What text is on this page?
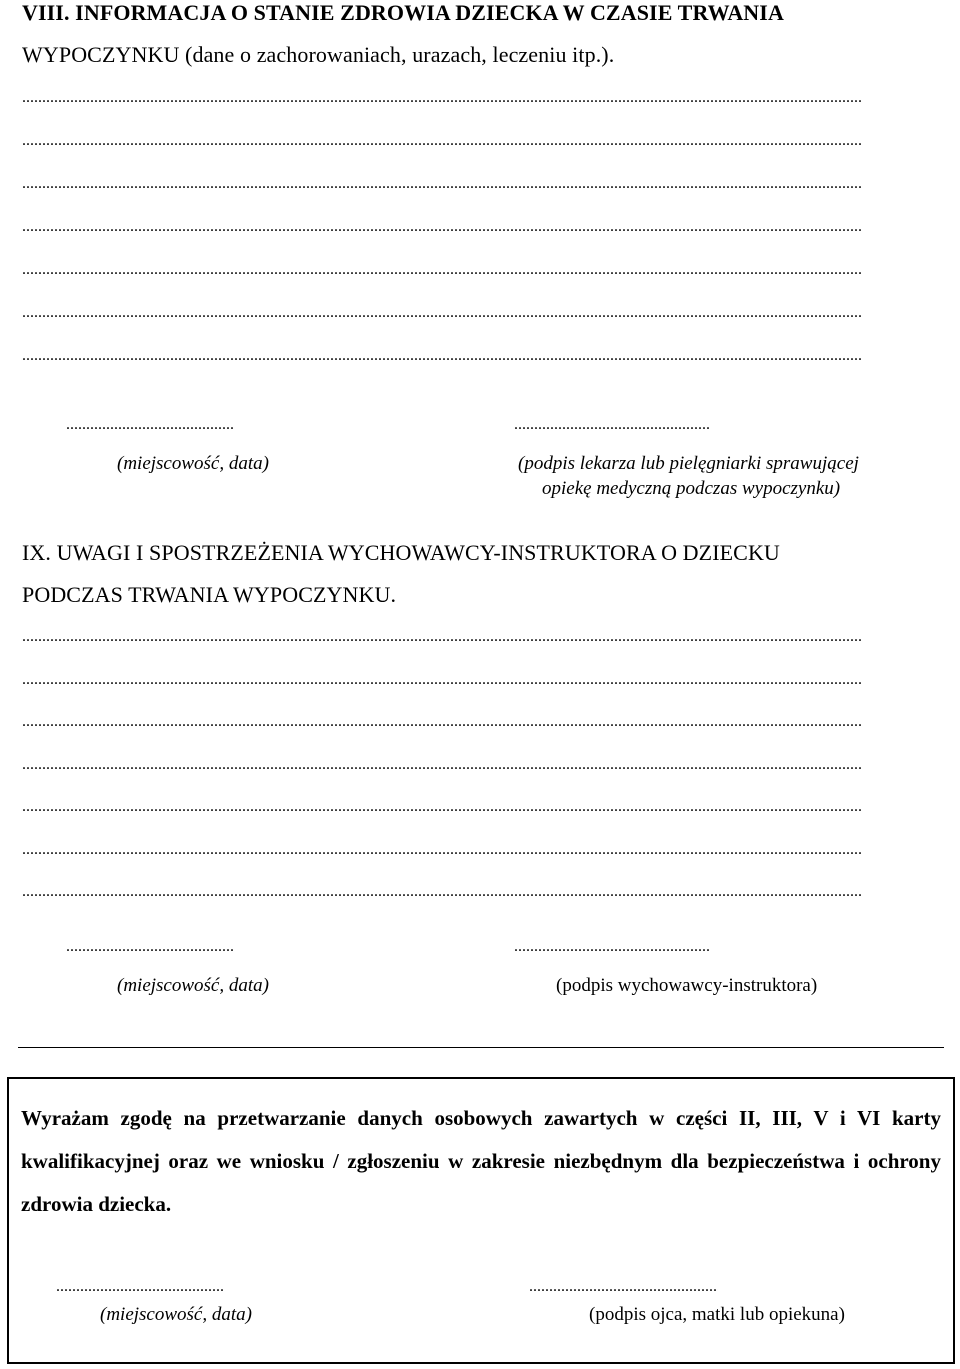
VIII. INFORMACJA O STANIE ZDROWIA DZIECKA W CZASIE TRWANIA
WYPOCZYNKU (dane o zachorowaniach, urazach, leczeniu itp.).
..................................................................................................................................................................................................................
..................................................................................................................................................................................................................
..................................................................................................................................................................................................................
..................................................................................................................................................................................................................
..................................................................................................................................................................................................................
..................................................................................................................................................................................................................
..................................................................................................................................................................................................................
..........................................	.................................................
(miejscowość, data)	(podpis lekarza lub pielęgniarki sprawującej
opiekę medyczną podczas wypoczynku)
IX. UWAGI I SPOSTRZEŻENIA WYCHOWAWCY-INSTRUKTORA O DZIECKU
PODCZAS TRWANIA WYPOCZYNKU.
..................................................................................................................................................................................................................
..................................................................................................................................................................................................................
..................................................................................................................................................................................................................
..................................................................................................................................................................................................................
..................................................................................................................................................................................................................
..................................................................................................................................................................................................................
..................................................................................................................................................................................................................
..........................................	.................................................
(miejscowość, data)	(podpis wychowawcy-instruktora)
Wyrażam zgodę na przetwarzanie danych osobowych zawartych w części II, III, V i VI karty kwalifikacyjnej oraz we wniosku / zgłoszeniu w zakresie niezbędnym dla bezpieczeństwa i ochrony zdrowia dziecka.
..........................................	...............................................
(miejscowość, data)	(podpis ojca, matki lub opiekuna)
